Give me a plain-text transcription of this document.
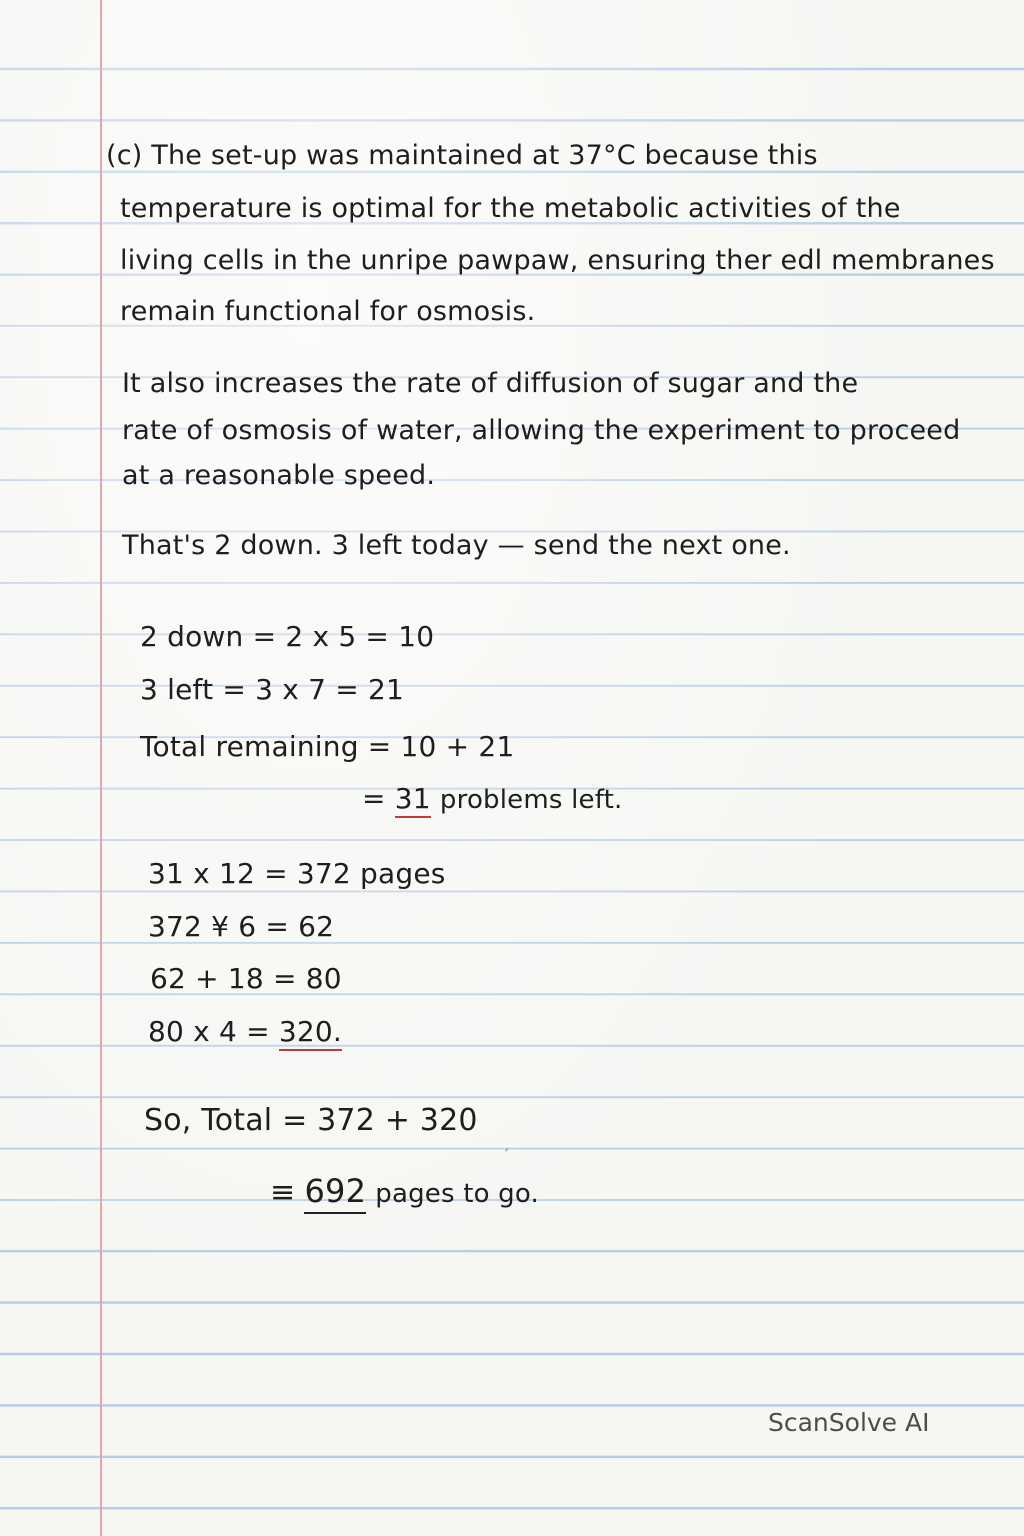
(c) The set-up was maintained at 37°C because this
temperature is optimal for the metabolic activities of the
living cells in the unripe pawpaw, ensuring ther edl membranes
remain functional for osmosis.
It also increases the rate of diffusion of sugar and the
rate of osmosis of water, allowing the experiment to proceed
at a reasonable speed.
That's 2 down. 3 left today — send the next one.
2 down = 2 x 5 = 10
3 left = 3 x 7 = 21
Total remaining = 10 + 21
= 31 problems left.
31 x 12 = 372 pages
372 ¥ 6 = 62
62 + 18 = 80
80 x 4 = 320.
So, Total = 372 + 320
′
≡ 692 pages to go.
ScanSolve AI
